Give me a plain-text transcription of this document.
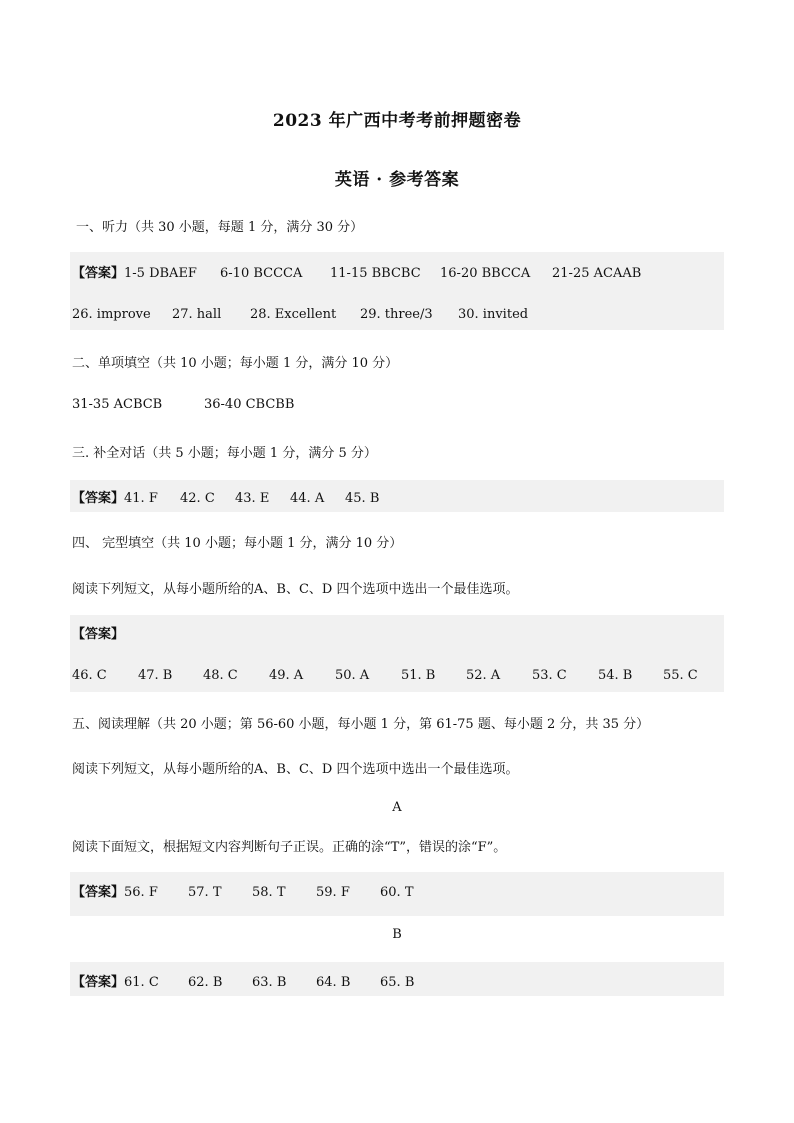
2023 年广西中考考前押题密卷
英语 · 参考答案
一、听力（共 30 小题，每题 1 分，满分 30 分）
【答案】 1-5 DBAEF	6-10 BCCCA	11-15 BBCBC	16-20 BBCCA	21-25 ACAAB
26. improve	27. hall	28. Excellent	29. three/3	30. invited
二、单项填空（共 10 小题；每小题 1 分，满分 10 分）
31-35 ACBCB	36-40 CBCBB
三. 补全对话（共 5 小题；每小题 1 分，满分 5 分）
【答案】 41. F	42. C	43. E	44. A	45. B
四、 完型填空（共 10 小题；每小题 1 分，满分 10 分）
阅读下列短文，从每小题所给的A、B、C、D 四个选项中选出一个最佳选项。
【答案】
46. C	47. B	48. C	49. A	50. A	51. B	52. A	53. C	54. B	55. C
五、阅读理解（共 20 小题；第 56-60 小题，每小题 1 分，第 61-75 题、每小题 2 分，共 35 分）
阅读下列短文，从每小题所给的A、B、C、D 四个选项中选出一个最佳选项。
A
阅读下面短文，根据短文内容判断句子正误。正确的涂“T”，错误的涂“F”。
【答案】 56. F	57. T	58. T	59. F	60. T
B
【答案】 61. C	62. B	63. B	64. B	65. B
